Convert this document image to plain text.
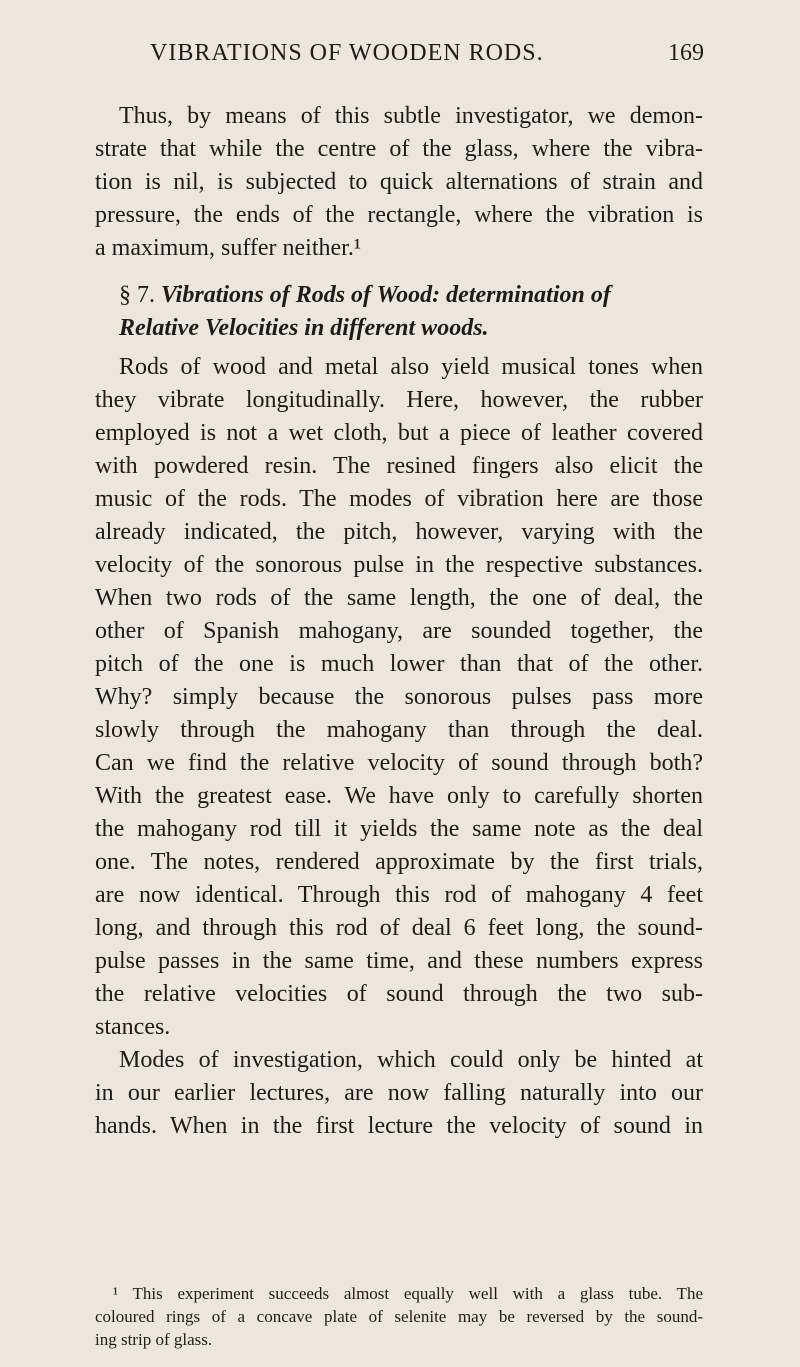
VIBRATIONS OF WOODEN RODS.	169
Thus, by means of this subtle investigator, we demon-
strate that while the centre of the glass, where the vibra-
tion is nil, is subjected to quick alternations of strain and
pressure, the ends of the rectangle, where the vibration is
a maximum, suffer neither.¹
§ 7. Vibrations of Rods of Wood: determination of
Relative Velocities in different woods.
Rods of wood and metal also yield musical tones when
they vibrate longitudinally. Here, however, the rubber
employed is not a wet cloth, but a piece of leather covered
with powdered resin. The resined fingers also elicit the
music of the rods. The modes of vibration here are those
already indicated, the pitch, however, varying with the
velocity of the sonorous pulse in the respective substances.
When two rods of the same length, the one of deal, the
other of Spanish mahogany, are sounded together, the
pitch of the one is much lower than that of the other.
Why? simply because the sonorous pulses pass more
slowly through the mahogany than through the deal.
Can we find the relative velocity of sound through both?
With the greatest ease. We have only to carefully shorten
the mahogany rod till it yields the same note as the deal
one. The notes, rendered approximate by the first trials,
are now identical. Through this rod of mahogany 4 feet
long, and through this rod of deal 6 feet long, the sound-
pulse passes in the same time, and these numbers express
the relative velocities of sound through the two sub-
stances.
Modes of investigation, which could only be hinted at
in our earlier lectures, are now falling naturally into our
hands. When in the first lecture the velocity of sound in
¹ This experiment succeeds almost equally well with a glass tube. The
coloured rings of a concave plate of selenite may be reversed by the sound-
ing strip of glass.
